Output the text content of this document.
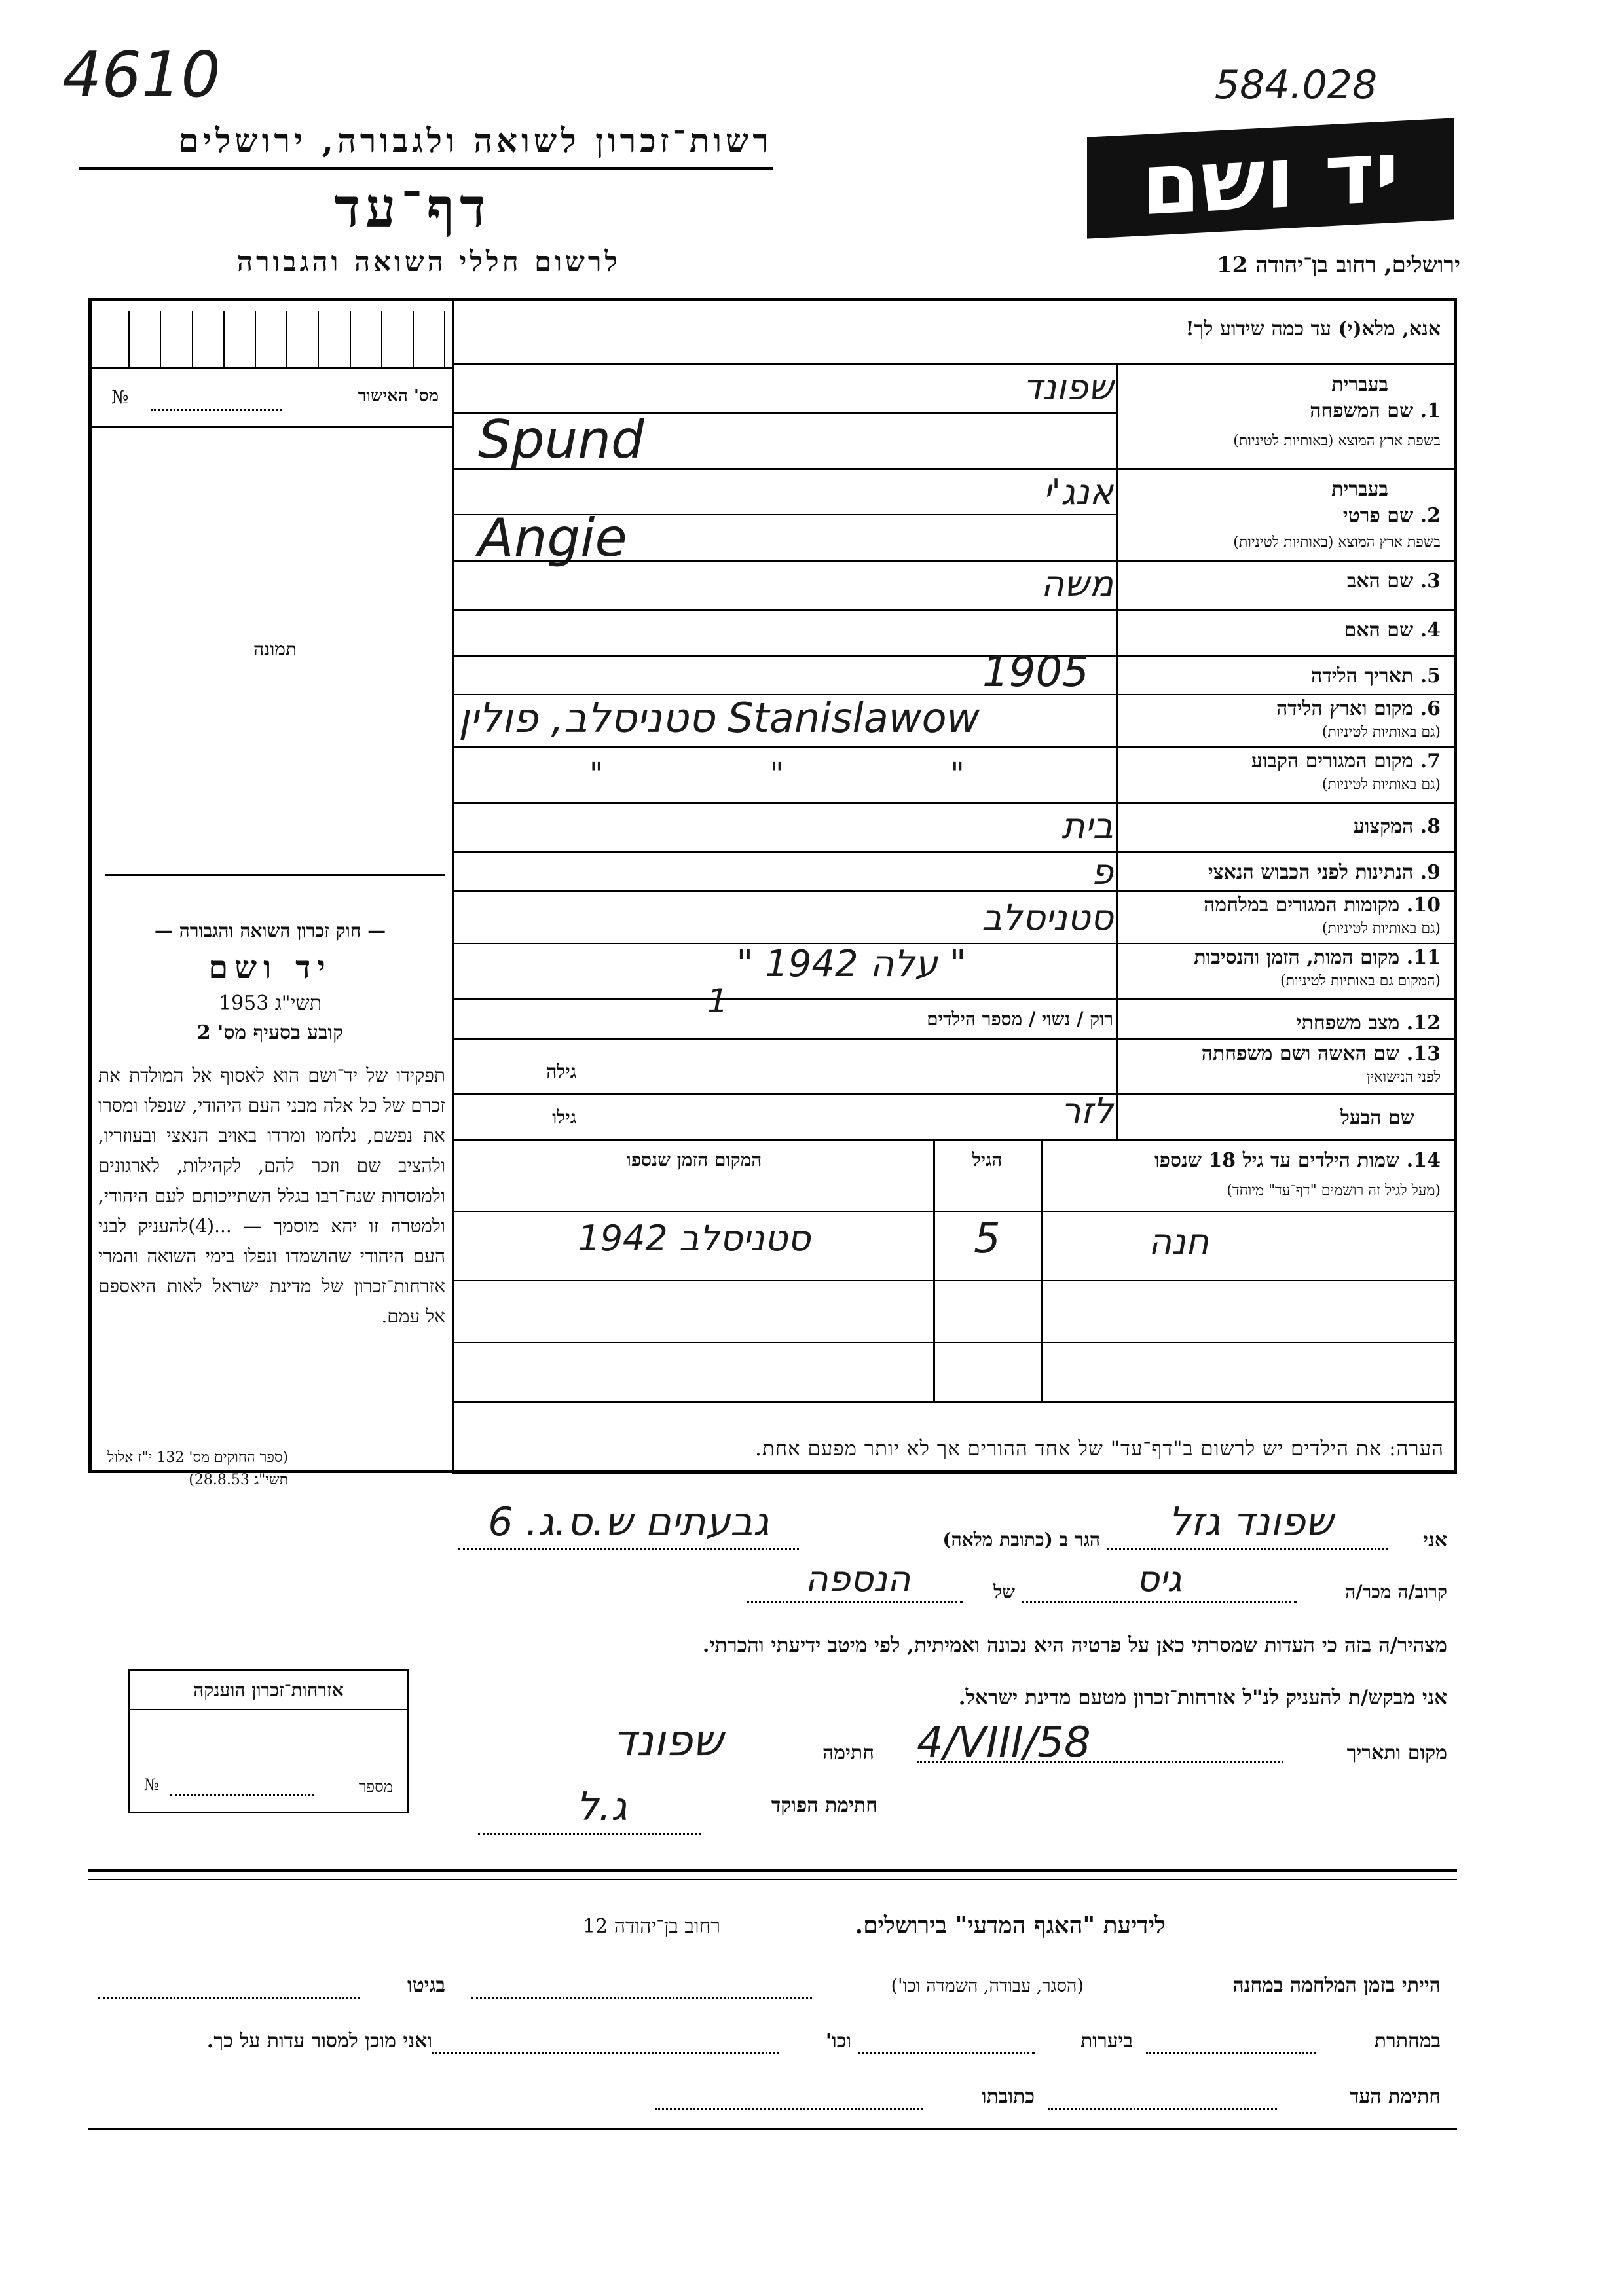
4610	584.028
רשות־זכרון לשואה ולגבורה, ירושלים
דף־עד
לרשום חללי השואה והגבורה
יד ושם
ירושלים, רחוב בן־יהודה 12
מס' האישור
№
תמונה
— חוק זכרון השואה והגבורה —
יד ושם
תשי"ג 1953
קובע בסעיף מס' 2
תפקידו של יד־ושם הוא לאסוף אל המולדת את זכרם של כל אלה מבני העם היהודי, שנפלו ומסרו את נפשם, נלחמו ומרדו באויב הנאצי ובעוזריו, ולהציב שם וזכר להם, לקהילות, לארגונים ולמוסדות שנח־רבו בגלל השתייכותם לעם היהודי, ולמטרה זו יהא מוסמך — ...(4)להעניק לבני העם היהודי שהושמדו ונפלו בימי השואה והמרי אזרחות־זכרון של מדינת ישראל לאות היאספם אל עמם.
(ספר החוקים מס' 132 י"ז אלול תשי"ג 28.8.53)
אנא, מלא(י) עד כמה שידוע לך!
1. שם המשפחה
בעברית
בשפת ארץ המוצא (באותיות לטיניות)
שפונד
Spund
בעברית
2. שם פרטי
בשפת ארץ המוצא (באותיות לטיניות)
אנג'י
Angie
3. שם האב
משה
4. שם האם
5. תאריך הלידה
1905
6. מקום וארץ הלידה
(גם באותיות לטיניות)
סטניסלב, פולין Stanislawow
7. מקום המגורים הקבוע
(גם באותיות לטיניות)
" " "
8. המקצוע
בית
9. הנתינות לפני הכבוש הנאצי
פ
10. מקומות המגורים במלחמה
(גם באותיות לטיניות)
סטניסלב
11. מקום המות, הזמן והנסיבות
(המקום גם באותיות לטיניות)
" עלה 1942 "
12. מצב משפחתי
רוק / נשוי / מספר הילדים
1
13. שם האשה ושם משפחתה
לפני הנישואין
גילה
שם הבעל
גילו	לזר
14. שמות הילדים עד גיל 18 שנספו
(מעל לגיל זה רושמים "דף־עד" מיוחד)
הגיל
המקום הזמן שנספו
חנה
5
סטניסלב 1942
הערה: את הילדים יש לרשום ב"דף־עד" של אחד ההורים אך לא יותר מפעם אחת.
אני
שפונד גזל
הגר ב (כתובת מלאה)
גבעתים ש.ס.ג. 6
קרוב/ה מכר/ה
גיס
של
הנספה
מצהיר/ה בזה כי העדות שמסרתי כאן על פרטיה היא נכונה ואמיתית, לפי מיטב ידיעתי והכרתי.
אני מבקש/ת להעניק לנ"ל אזרחות־זכרון מטעם מדינת ישראל.
מקום ותאריך
4/VIII/58
חתימה
שפונד
חתימת הפוקד
ג.ל
אזרחות־זכרון הוענקה
מספר
№
לידיעת "האגף המדעי" בירושלים.
רחוב בן־יהודה 12
הייתי בזמן המלחמה במחנה
(הסגר, עבודה, השמדה וכו')
בגיטו
במחתרת
ביערות
וכו'
ואני מוכן למסור עדות על כך.
חתימת העד
כתובתו
